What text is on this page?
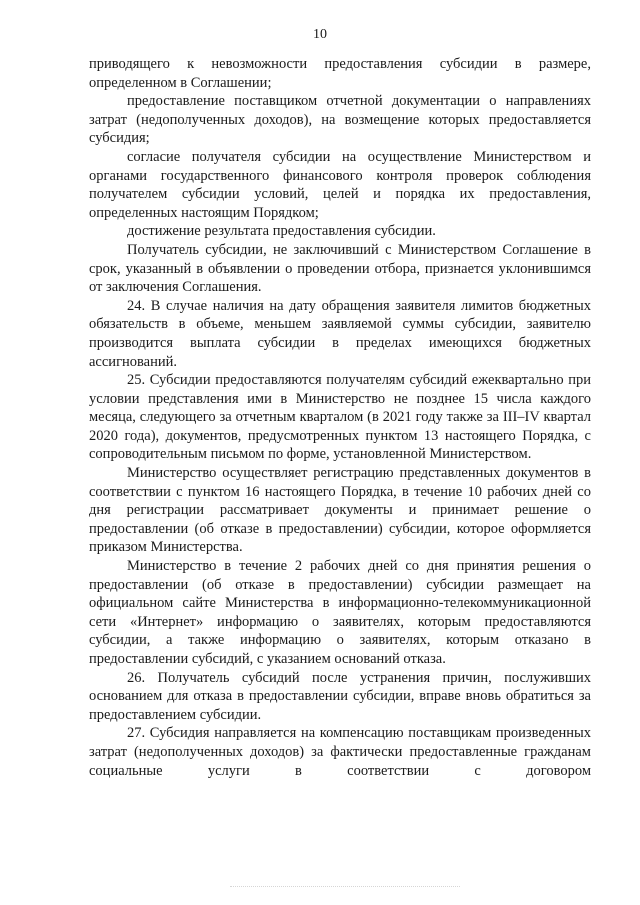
10

приводящего к невозможности предоставления субсидии в размере, определенном в Соглашении;

предоставление поставщиком отчетной документации о направлениях затрат (недополученных доходов), на возмещение которых предоставляется субсидия;

согласие получателя субсидии на осуществление Министерством и органами государственного финансового контроля проверок соблюдения получателем субсидии условий, целей и порядка их предоставления, определенных настоящим Порядком;

достижение результата предоставления субсидии.

Получатель субсидии, не заключивший с Министерством Соглашение в срок, указанный в объявлении о проведении отбора, признается уклонившимся от заключения Соглашения.

24. В случае наличия на дату обращения заявителя лимитов бюджетных обязательств в объеме, меньшем заявляемой суммы субсидии, заявителю производится выплата субсидии в пределах имеющихся бюджетных ассигнований.

25. Субсидии предоставляются получателям субсидий ежеквартально при условии представления ими в Министерство не позднее 15 числа каждого месяца, следующего за отчетным кварталом (в 2021 году также за III–IV квартал 2020 года), документов, предусмотренных пунктом 13 настоящего Порядка, с сопроводительным письмом по форме, установленной Министерством.

Министерство осуществляет регистрацию представленных документов в соответствии с пунктом 16 настоящего Порядка, в течение 10 рабочих дней со дня регистрации рассматривает документы и принимает решение о предоставлении (об отказе в предоставлении) субсидии, которое оформляется приказом Министерства.

Министерство в течение 2 рабочих дней со дня принятия решения о предоставлении (об отказе в предоставлении) субсидии размещает на официальном сайте Министерства в информационно-телекоммуникационной сети «Интернет» информацию о заявителях, которым предоставляются субсидии, а также информацию о заявителях, которым отказано в предоставлении субсидий, с указанием оснований отказа.

26. Получатель субсидий после устранения причин, послуживших основанием для отказа в предоставлении субсидии, вправе вновь обратиться за предоставлением субсидии.

27. Субсидия направляется на компенсацию поставщикам произведенных затрат (недополученных доходов) за фактически предоставленные гражданам социальные услуги в соответствии с договором
